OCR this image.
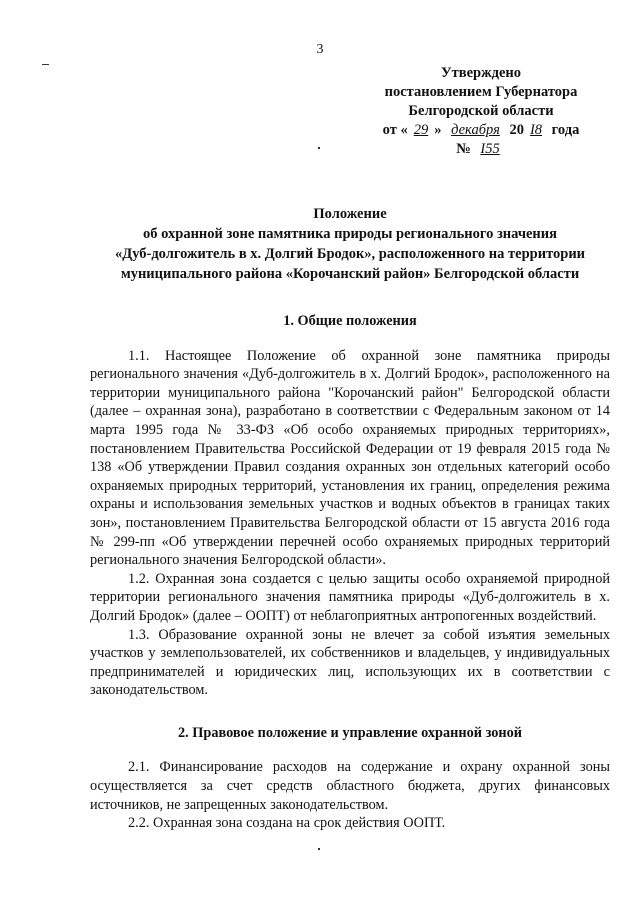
3
Утверждено
постановлением Губернатора
Белгородской области
от « 29 » декабря 20 I8 года
№ I55
Положение
об охранной зоне памятника природы регионального значения
«Дуб-долгожитель в х. Долгий Бродок», расположенного на территории
муниципального района «Корочанский район» Белгородской области
1. Общие положения

1.1. Настоящее Положение об охранной зоне памятника природы регионального значения «Дуб-долгожитель в х. Долгий Бродок», расположенного на территории муниципального района "Корочанский район" Белгородской области (далее – охранная зона), разработано в соответствии с Федеральным законом от 14 марта 1995 года № 33-ФЗ «Об особо охраняемых природных территориях», постановлением Правительства Российской Федерации от 19 февраля 2015 года № 138 «Об утверждении Правил создания охранных зон отдельных категорий особо охраняемых природных территорий, установления их границ, определения режима охраны и использования земельных участков и водных объектов в границах таких зон», постановлением Правительства Белгородской области от 15 августа 2016 года № 299-пп «Об утверждении перечней особо охраняемых природных территорий регионального значения Белгородской области».

1.2. Охранная зона создается с целью защиты особо охраняемой природной территории регионального значения памятника природы «Дуб-долгожитель в х. Долгий Бродок» (далее – ООПТ) от неблагоприятных антропогенных воздействий.

1.3. Образование охранной зоны не влечет за собой изъятия земельных участков у землепользователей, их собственников и владельцев, у индивидуальных предпринимателей и юридических лиц, использующих их в соответствии с законодательством.

2. Правовое положение и управление охранной зоной

2.1. Финансирование расходов на содержание и охрану охранной зоны осуществляется за счет средств областного бюджета, других финансовых источников, не запрещенных законодательством.

2.2. Охранная зона создана на срок действия ООПТ.
